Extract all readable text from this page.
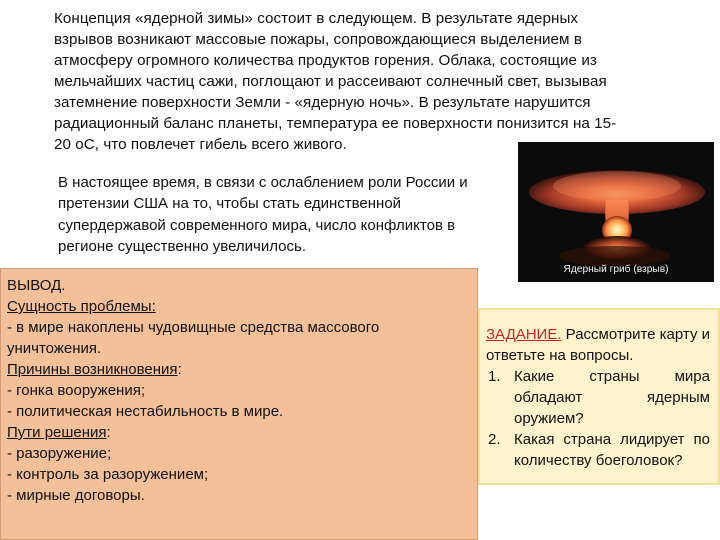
Концепция «ядерной зимы» состоит в следующем. В результате ядерных
взрывов возникают массовые пожары, сопровождающиеся выделением в
атмосферу огромного количества продуктов горения. Облака, состоящие из
мельчайших частиц сажи, поглощают и рассеивают солнечный свет, вызывая
затемнение поверхности Земли - «ядерную ночь». В результате нарушится
радиационный баланс планеты, температура ее поверхности понизится на 15-
20 oC, что повлечет гибель всего живого.
В настоящее время, в связи с ослаблением роли России и
претензии США на то, чтобы стать единственной
супердержавой современного мира, число конфликтов в
регионе существенно увеличилось.
Ядерный гриб (взрыв)
ВЫВОД.
Сущность проблемы:
- в мире накоплены чудовищные средства массового уничтожения.
Причины возникновения:
- гонка вооружения;
- политическая нестабильность в мире.
Пути решения:
- разоружение;
- контроль за разоружением;
- мирные договоры.
ЗАДАНИЕ. Рассмотрите карту и ответьте на вопросы.
1. Какие страны мира обладают ядерным оружием?
2. Какая страна лидирует по количеству боеголовок?
